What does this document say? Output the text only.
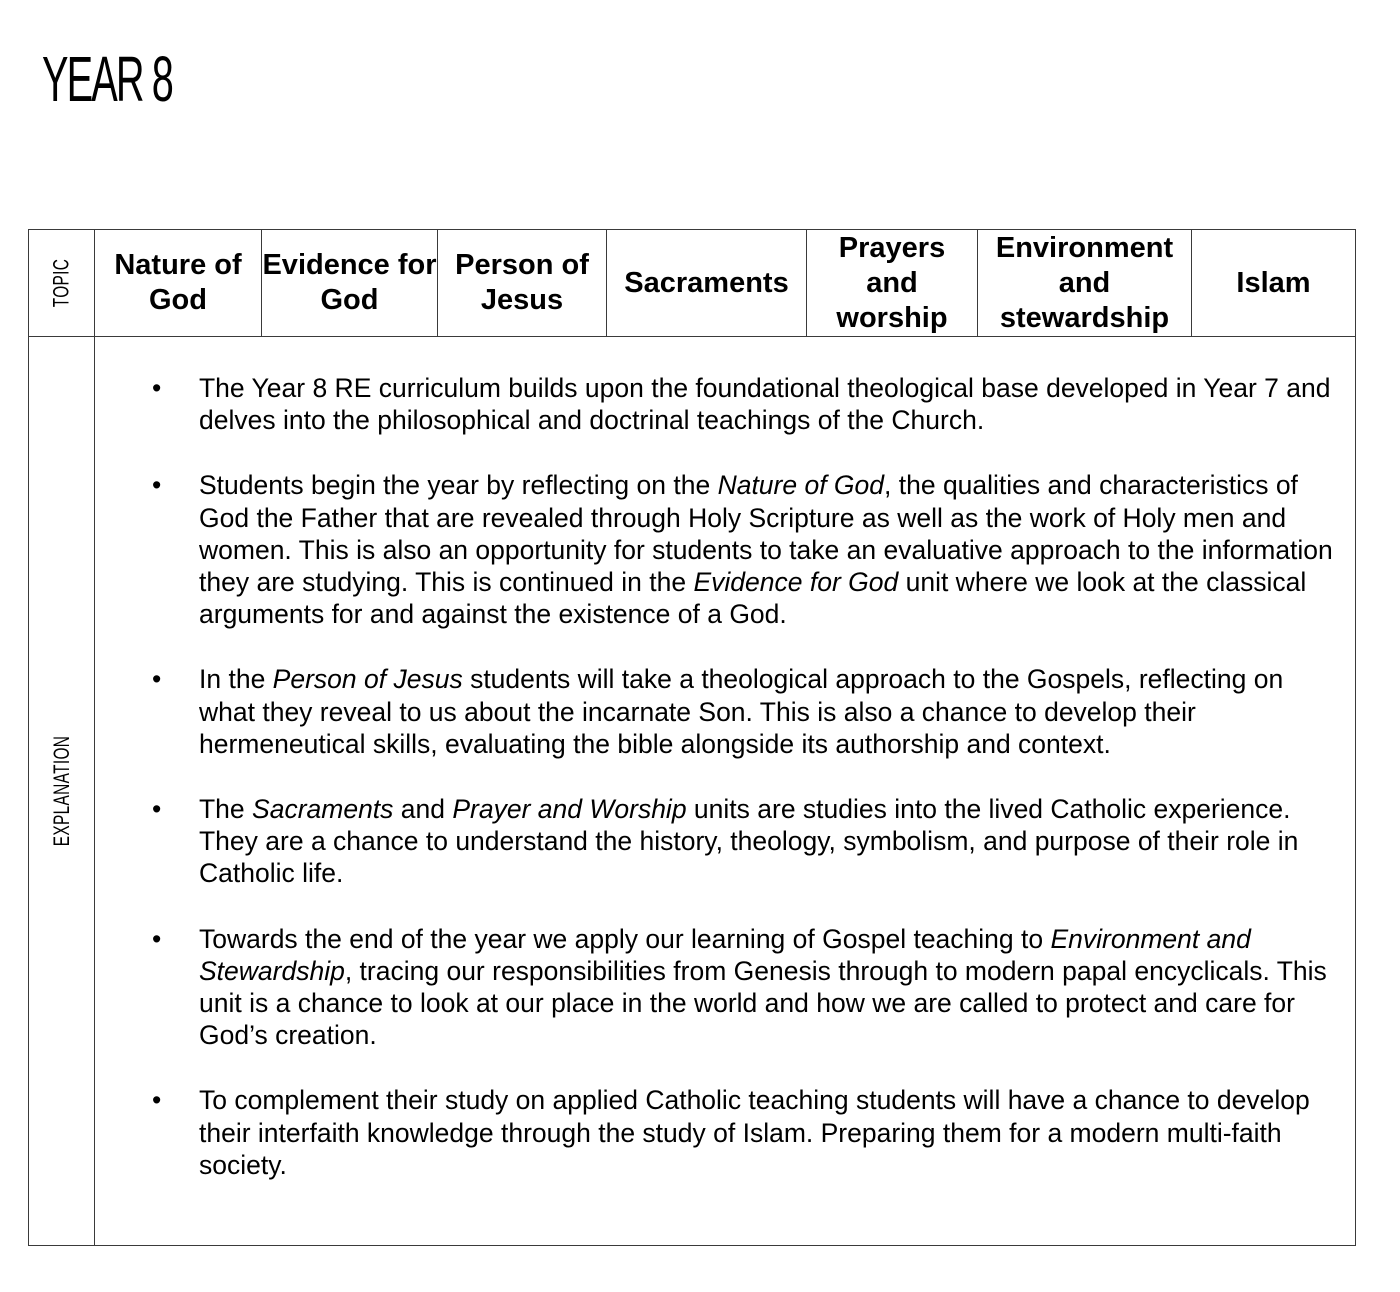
YEAR 8
TOPIC
EXPLANATION
Nature of God
Evidence for God
Person of Jesus
Sacraments
Prayers and worship
Environment and stewardship
Islam
• The Year 8 RE curriculum builds upon the foundational theological base developed in Year 7 and delves into the philosophical and doctrinal teachings of the Church.
• Students begin the year by reflecting on the Nature of God, the qualities and characteristics of God the Father that are revealed through Holy Scripture as well as the work of Holy men and women. This is also an opportunity for students to take an evaluative approach to the information they are studying. This is continued in the Evidence for God unit where we look at the classical arguments for and against the existence of a God.
• In the Person of Jesus students will take a theological approach to the Gospels, reflecting on what they reveal to us about the incarnate Son. This is also a chance to develop their hermeneutical skills, evaluating the bible alongside its authorship and context.
• The Sacraments and Prayer and Worship units are studies into the lived Catholic experience. They are a chance to understand the history, theology, symbolism, and purpose of their role in Catholic life.
• Towards the end of the year we apply our learning of Gospel teaching to Environment and Stewardship, tracing our responsibilities from Genesis through to modern papal encyclicals. This unit is a chance to look at our place in the world and how we are called to protect and care for God’s creation.
• To complement their study on applied Catholic teaching students will have a chance to develop their interfaith knowledge through the study of Islam. Preparing them for a modern multi-faith society.
